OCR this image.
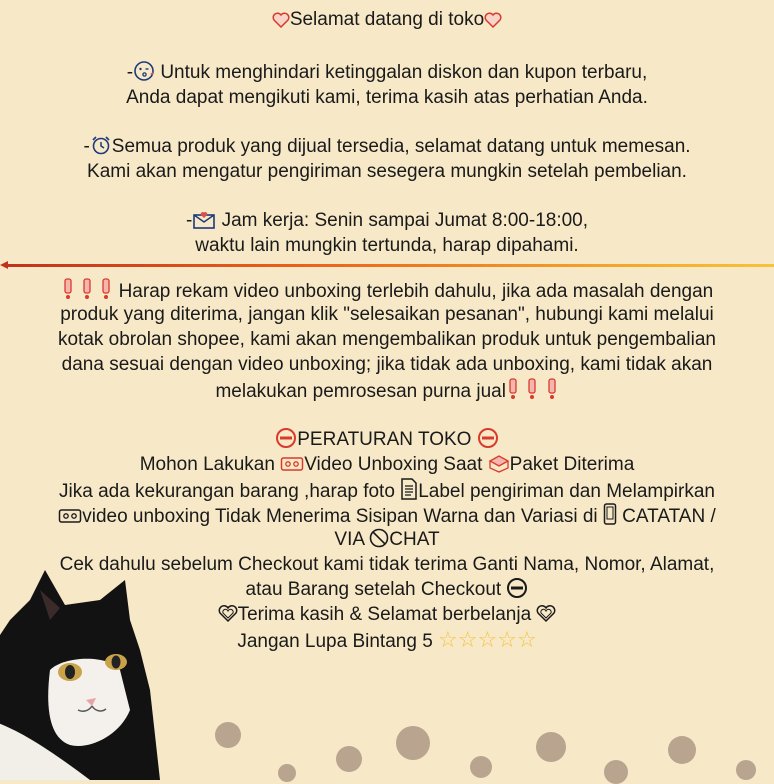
Selamat datang di toko
- Untuk menghindari ketinggalan diskon dan kupon terbaru,
Anda dapat mengikuti kami, terima kasih atas perhatian Anda.
- Semua produk yang dijual tersedia, selamat datang untuk memesan.
Kami akan mengatur pengiriman sesegera mungkin setelah pembelian.
- Jam kerja: Senin sampai Jumat 8:00-18:00,
waktu lain mungkin tertunda, harap dipahami.
Harap rekam video unboxing terlebih dahulu, jika ada masalah dengan
produk yang diterima, jangan klik "selesaikan pesanan", hubungi kami melalui
kotak obrolan shopee, kami akan mengembalikan produk untuk pengembalian
dana sesuai dengan video unboxing; jika tidak ada unboxing, kami tidak akan
melakukan pemrosesan purna jual
PERATURAN TOKO
Mohon Lakukan Video Unboxing Saat Paket Diterima
Jika ada kekurangan barang ,harap foto Label pengiriman dan Melampirkan
video unboxing Tidak Menerima Sisipan Warna dan Variasi di CATATAN /
VIA CHAT
Cek dahulu sebelum Checkout kami tidak terima Ganti Nama, Nomor, Alamat,
atau Barang setelah Checkout
Terima kasih & Selamat berbelanja
Jangan Lupa Bintang 5 ☆☆☆☆☆
